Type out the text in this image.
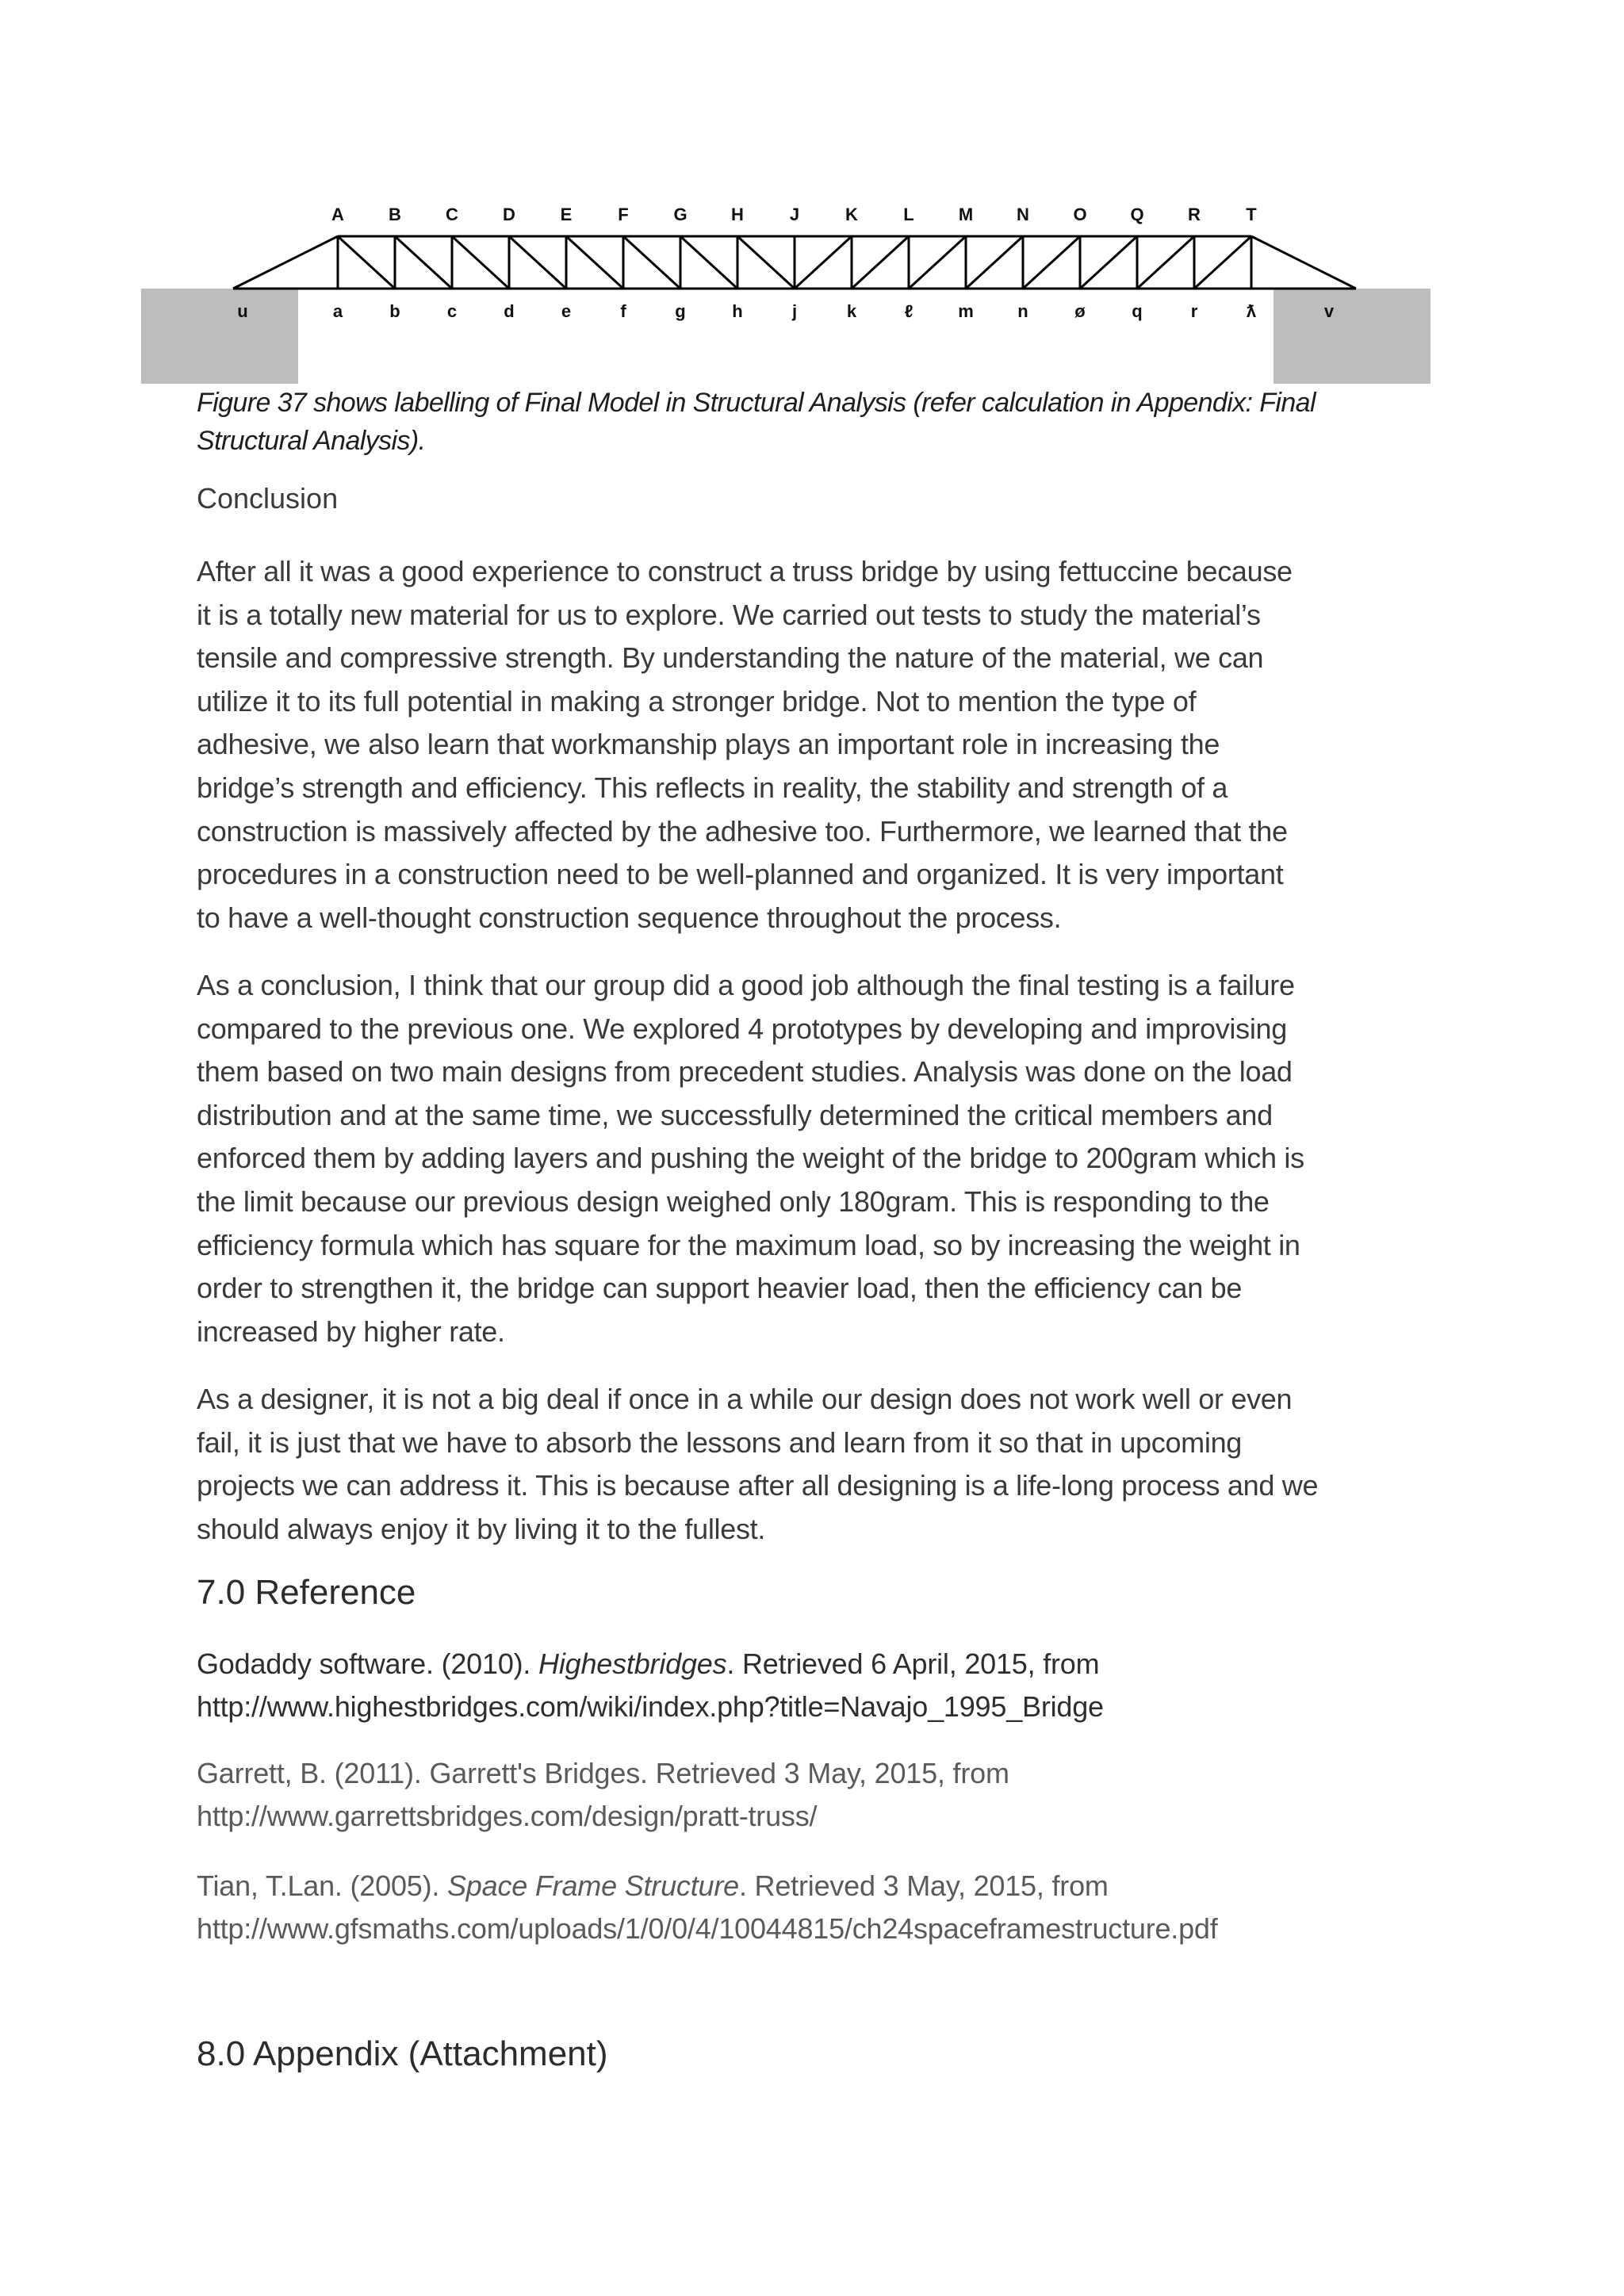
A	B	C	D	E	F	G	H	J	K	L	M N	O Q	R	T
u	a	b	c	d	e	f	g	h	j	k	ℓ	m	n	ø	q	r	ƛ	v
Figure 37 shows labelling of Final Model in Structural Analysis (refer calculation in Appendix: Final
Structural Analysis).
Conclusion

After all it was a good experience to construct a truss bridge by using fettuccine because
it is a totally new material for us to explore. We carried out tests to study the material’s
tensile and compressive strength. By understanding the nature of the material, we can
utilize it to its full potential in making a stronger bridge. Not to mention the type of
adhesive, we also learn that workmanship plays an important role in increasing the
bridge’s strength and efficiency. This reflects in reality, the stability and strength of a
construction is massively affected by the adhesive too. Furthermore, we learned that the
procedures in a construction need to be well-planned and organized. It is very important
to have a well-thought construction sequence throughout the process.

As a conclusion, I think that our group did a good job although the final testing is a failure
compared to the previous one. We explored 4 prototypes by developing and improvising
them based on two main designs from precedent studies. Analysis was done on the load
distribution and at the same time, we successfully determined the critical members and
enforced them by adding layers and pushing the weight of the bridge to 200gram which is
the limit because our previous design weighed only 180gram. This is responding to the
efficiency formula which has square for the maximum load, so by increasing the weight in
order to strengthen it, the bridge can support heavier load, then the efficiency can be
increased by higher rate.

As a designer, it is not a big deal if once in a while our design does not work well or even
fail, it is just that we have to absorb the lessons and learn from it so that in upcoming
projects we can address it. This is because after all designing is a life-long process and we
should always enjoy it by living it to the fullest.

7.0 Reference
Godaddy software. (2010). Highestbridges. Retrieved 6 April, 2015, from
http://www.highestbridges.com/wiki/index.php?title=Navajo_1995_Bridge
Garrett, B. (2011). Garrett's Bridges. Retrieved 3 May, 2015, from
http://www.garrettsbridges.com/design/pratt-truss/
Tian, T.Lan. (2005). Space Frame Structure. Retrieved 3 May, 2015, from
http://www.gfsmaths.com/uploads/1/0/0/4/10044815/ch24spaceframestructure.pdf
8.0 Appendix (Attachment)
